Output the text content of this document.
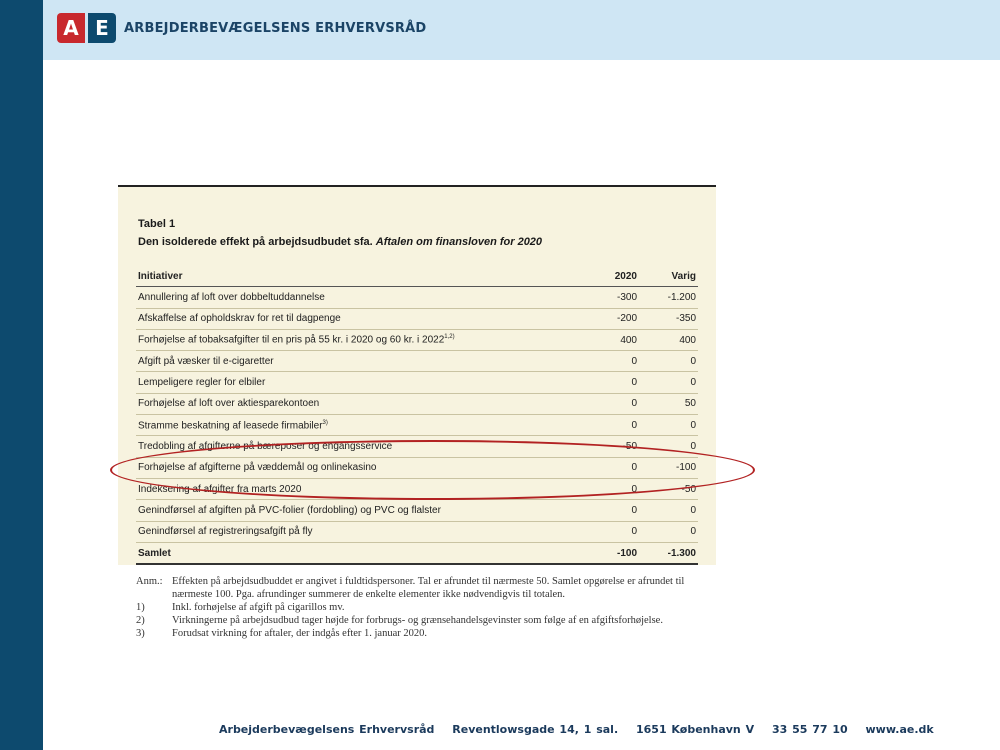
A E	ARBEJDERBEVÆGELSENS ERHVERVSRÅD
Tabel 1
Den isolderede effekt på arbejdsudbudet sfa. Aftalen om finansloven for 2020
Initiativer	2020	Varig
Annullering af loft over dobbeltuddannelse	-300	-1.200
Afskaffelse af opholdskrav for ret til dagpenge	-200	-350
Forhøjelse af tobaksafgifter til en pris på 55 kr. i 2020 og 60 kr. i 2022$^{1,2)}$	400	400
Afgift på væsker til e-cigaretter	0	0
Lempeligere regler for elbiler	0	0
Forhøjelse af loft over aktiesparekontoen	0	50
Stramme beskatning af leasede firmabiler$^{3)}$	0	0
Tredobling af afgifterne på bæreposer og engangsservice	-50	0
Forhøjelse af afgifterne på væddemål og onlinekasino	0	-100
Indeksering af afgifter fra marts 2020	0	-50
Genindførsel af afgiften på PVC-folier (fordobling) og PVC og flalster	0	0
Genindførsel af registreringsafgift på fly	0	0
Samlet	-100	-1.300
Anm.: Effekten på arbejdsudbuddet er angivet i fuldtidspersoner. Tal er afrundet til nærmeste 50. Samlet opgørelse er afrundet til nærmeste 100. Pga. afrundinger summerer de enkelte elementer ikke nødvendigvis til totalen.
1)	Inkl. forhøjelse af afgift på cigarillos mv.
2)	Virkningerne på arbejdsudbud tager højde for forbrugs- og grænsehandelsgevinster som følge af en afgiftsforhøjelse.
3)	Forudsat virkning for aftaler, der indgås efter 1. januar 2020.
Arbejderbevægelsens Erhvervsråd Reventlowsgade 14, 1 sal. 1651 København V 33 55 77 10 www.ae.dk
